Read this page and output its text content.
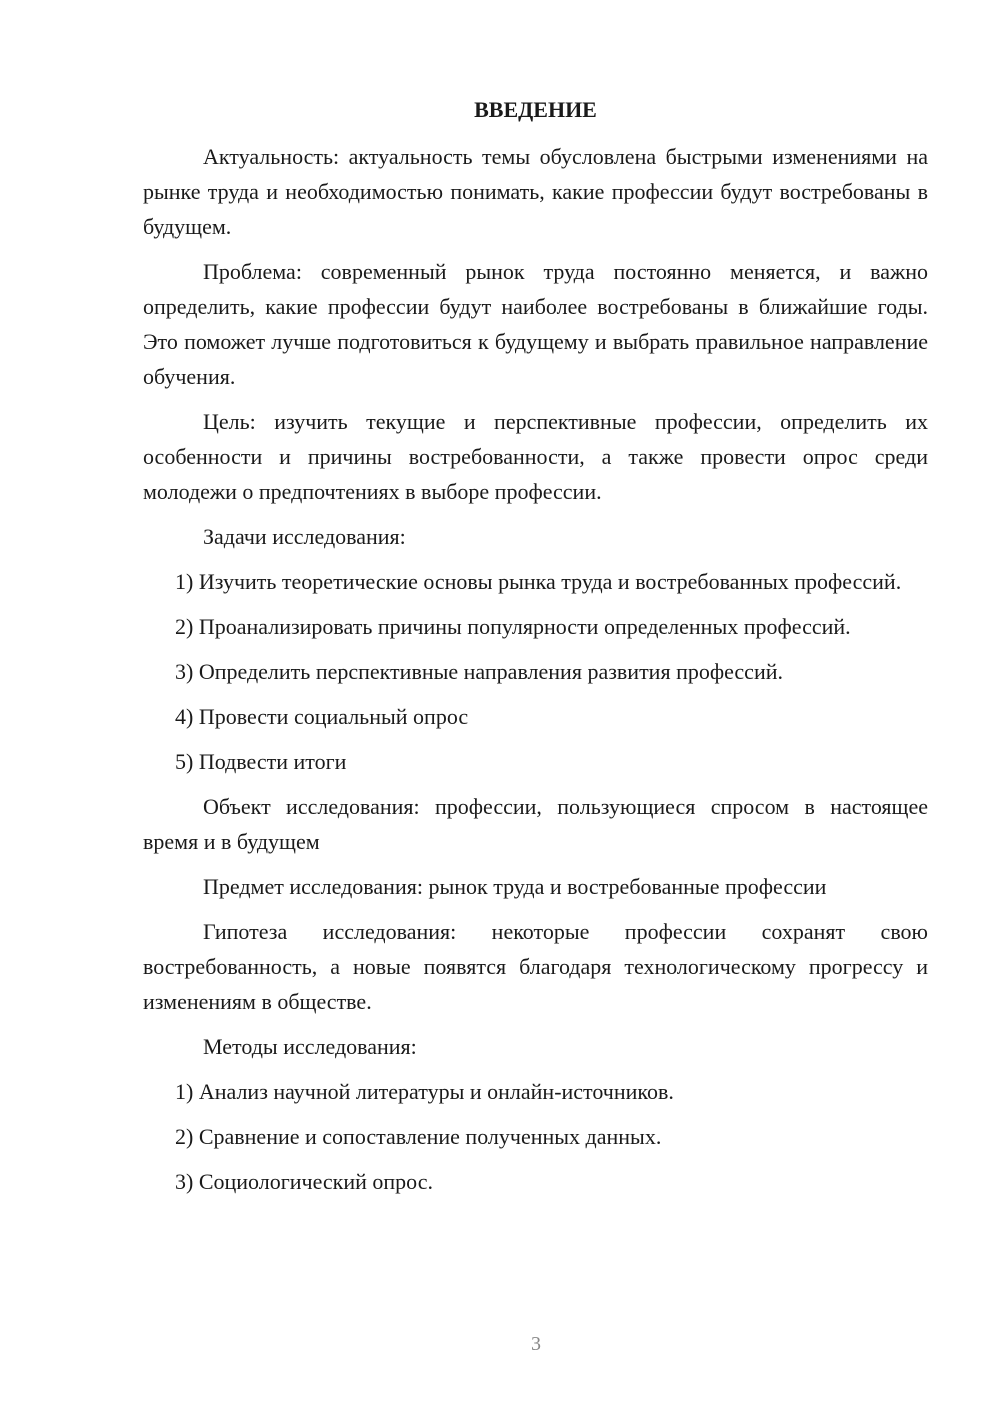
ВВЕДЕНИЕ
Актуальность: актуальность темы обусловлена быстрыми изменениями на рынке труда и необходимостью понимать, какие профессии будут востребованы в будущем.
Проблема: современный рынок труда постоянно меняется, и важно определить, какие профессии будут наиболее востребованы в ближайшие годы. Это поможет лучше подготовиться к будущему и выбрать правильное направление обучения.
Цель: изучить текущие и перспективные профессии, определить их особенности и причины востребованности, а также провести опрос среди молодежи о предпочтениях в выборе профессии.
Задачи исследования:
1) Изучить теоретические основы рынка труда и востребованных профессий.
2) Проанализировать причины популярности определенных профессий.
3) Определить перспективные направления развития профессий.
4) Провести социальный опрос
5) Подвести итоги
Объект исследования: профессии, пользующиеся спросом в настоящее время и в будущем
Предмет исследования: рынок труда и востребованные профессии
Гипотеза исследования: некоторые профессии сохранят свою востребованность, а новые появятся благодаря технологическому прогрессу и изменениям в обществе.
Методы исследования:
1) Анализ научной литературы и онлайн-источников.
2) Сравнение и сопоставление полученных данных.
3) Социологический опрос.
3
